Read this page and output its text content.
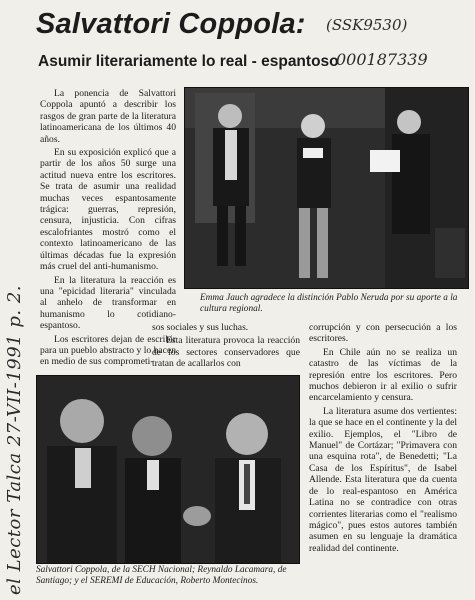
Salvattori Coppola:
Asumir literariamente lo real - espantoso
(SSK9530)
000187339
el Lector Talca 27-VII-1991 p. 2.

La ponencia de Salvattori Coppola apuntó a describir los rasgos de gran parte de la literatura latinoamericana de los últimos 40 años.

En su exposición explicó que a partir de los años 50 surge una actitud nueva entre los escritores. Se trata de asumir una realidad muchas veces espantosamente trágica: guerras, represión, censura, injusticia. Con cifras escalofriantes mostró como el contexto latinoamericano de las últimas décadas fue la expresión más cruel del anti-humanismo.

En la literatura la reacción es una "epicidad literaria" vinculada al anhelo de transformar en humanismo lo cotidiano-espantoso.

Los escritores dejan de escribir para un pueblo abstracto y lo hacen en medio de sus comprometi-

Emma Jauch agradece la distinción Pablo Neruda por su aporte a la cultura regional.

sos sociales y sus luchas.

Esta literatura provoca la reacción de los sectores conservadores que tratan de acallarlos con

corrupción y con persecución a los escritores.

En Chile aún no se realiza un catastro de las víctimas de la represión entre los escritores. Pero muchos debieron ir al exilio o sufrir encarcelamiento y censura.

La literatura asume dos vertientes: la que se hace en el continente y la del exilio. Ejemplos, el "Libro de Manuel" de Cortázar; "Primavera con una esquina rota", de Benedetti; "La Casa de los Espíritus", de Isabel Allende. Esta literatura que da cuenta de lo real-espantoso en América Latina no se contradice con otras corrientes literarias como el "realismo mágico", pues estos autores también asumen en su lenguaje la dramática realidad del continente.

Salvattori Coppola, de la SECH Nacional; Reynaldo Lacamara, de Santiago; y el SEREMI de Educación, Roberto Montecinos.
